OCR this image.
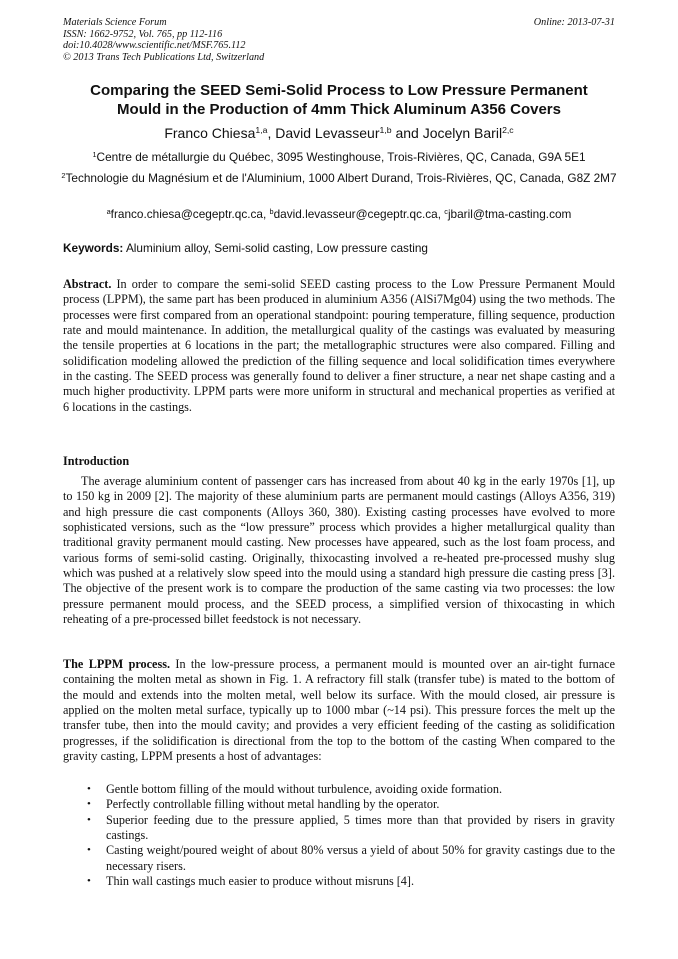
Materials Science Forum
ISSN: 1662-9752, Vol. 765, pp 112-116
doi:10.4028/www.scientific.net/MSF.765.112
© 2013 Trans Tech Publications Ltd, Switzerland
Online: 2013-07-31
Comparing the SEED Semi-Solid Process to Low Pressure Permanent
Mould in the Production of 4mm Thick Aluminum A356 Covers
Franco Chiesa$^{1,a}$, David Levasseur$^{1,b}$ and Jocelyn Baril$^{2,c}$
$^1$Centre de métallurgie du Québec, 3095 Westinghouse, Trois-Rivières, QC, Canada, G9A 5E1
$^2$Technologie du Magnésium et de l'Aluminium, 1000 Albert Durand, Trois-Rivières, QC, Canada, G8Z 2M7
$^a$franco.chiesa@cegeptr.qc.ca, $^b$david.levasseur@cegeptr.qc.ca, $^c$jbaril@tma-casting.com
Keywords: Aluminium alloy, Semi-solid casting, Low pressure casting
Abstract. In order to compare the semi-solid SEED casting process to the Low Pressure Permanent Mould process (LPPM), the same part has been produced in aluminium A356 (AlSi7Mg04) using the two methods. The processes were first compared from an operational standpoint: pouring temperature, filling sequence, production rate and mould maintenance. In addition, the metallurgical quality of the castings was evaluated by measuring the tensile properties at 6 locations in the part; the metallographic structures were also compared. Filling and solidification modeling allowed the prediction of the filling sequence and local solidification times everywhere in the casting. The SEED process was generally found to deliver a finer structure, a near net shape casting and a much higher productivity. LPPM parts were more uniform in structural and mechanical properties as verified at 6 locations in the castings.
Introduction
The average aluminium content of passenger cars has increased from about 40 kg in the early 1970s [1], up to 150 kg in 2009 [2]. The majority of these aluminium parts are permanent mould castings (Alloys A356, 319) and high pressure die cast components (Alloys 360, 380). Existing casting processes have evolved to more sophisticated versions, such as the “low pressure” process which provides a higher metallurgical quality than traditional gravity permanent mould casting. New processes have appeared, such as the lost foam process, and various forms of semi-solid casting. Originally, thixocasting involved a re-heated pre-processed mushy slug which was pushed at a relatively slow speed into the mould using a standard high pressure die casting press [3]. The objective of the present work is to compare the production of the same casting via two processes: the low pressure permanent mould process, and the SEED process, a simplified version of thixocasting in which reheating of a pre-processed billet feedstock is not necessary.
The LPPM process. In the low-pressure process, a permanent mould is mounted over an air-tight furnace containing the molten metal as shown in Fig. 1. A refractory fill stalk (transfer tube) is mated to the bottom of the mould and extends into the molten metal, well below its surface. With the mould closed, air pressure is applied on the molten metal surface, typically up to 1000 mbar (~14 psi). This pressure forces the melt up the transfer tube, then into the mould cavity; and provides a very efficient feeding of the casting as solidification progresses, if the solidification is directional from the top to the bottom of the casting When compared to the gravity casting, LPPM presents a host of advantages:
• Gentle bottom filling of the mould without turbulence, avoiding oxide formation.
• Perfectly controllable filling without metal handling by the operator.
• Superior feeding due to the pressure applied, 5 times more than that provided by risers in gravity castings.
• Casting weight/poured weight of about 80% versus a yield of about 50% for gravity castings due to the necessary risers.
• Thin wall castings much easier to produce without misruns [4].
